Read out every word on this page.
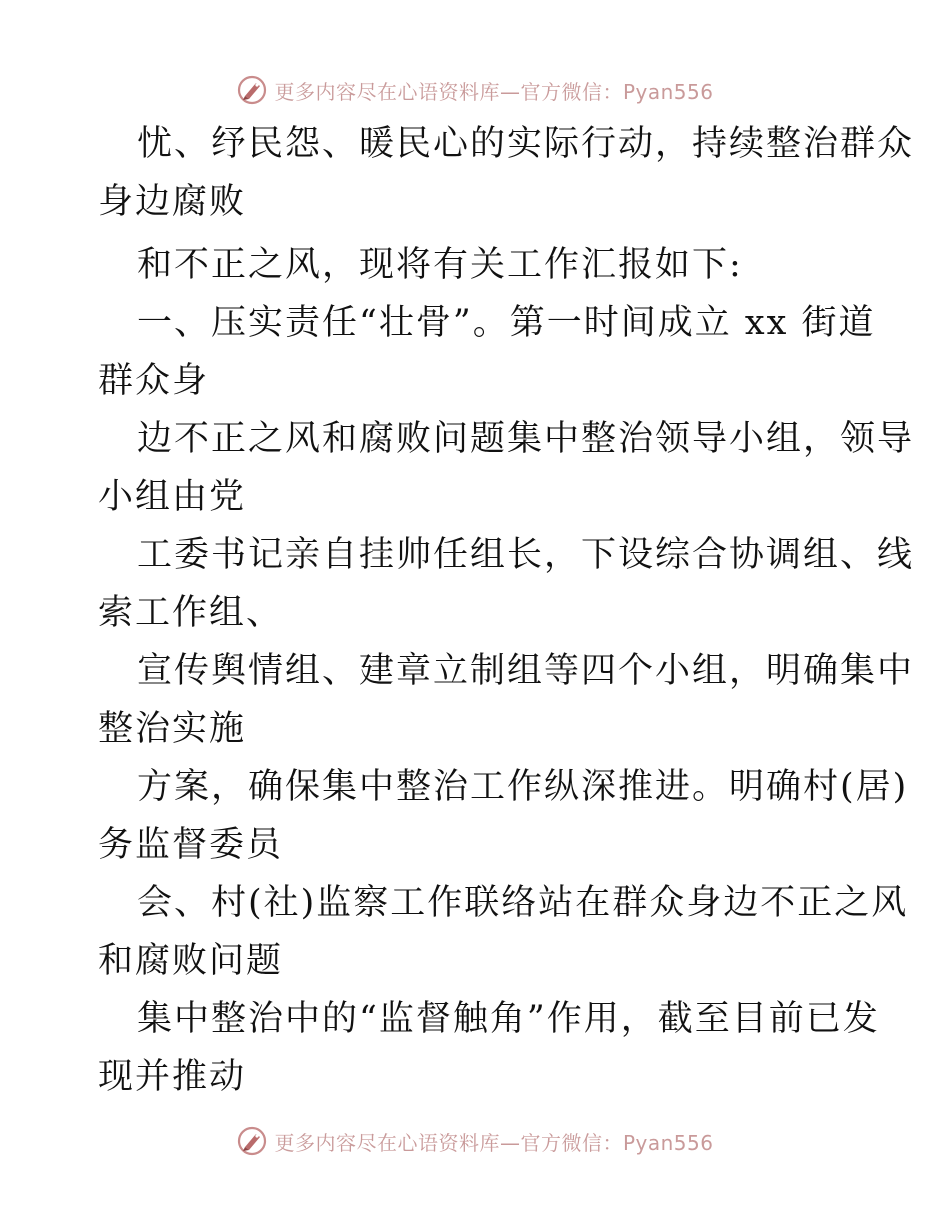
更多内容尽在心语资料库—官方微信：Pyan556
忧、纾民怨、暖民心的实际行动，持续整治群众
身边腐败
和不正之风，现将有关工作汇报如下:
一、压实责任“壮骨”。第一时间成立 xx 街道
群众身
边不正之风和腐败问题集中整治领导小组，领导
小组由党
工委书记亲自挂帅任组长，下设综合协调组、线
索工作组、
宣传舆情组、建章立制组等四个小组，明确集中
整治实施
方案，确保集中整治工作纵深推进。明确村(居)
务监督委员
会、村(社)监察工作联络站在群众身边不正之风
和腐败问题
集中整治中的“监督触角”作用，截至目前已发
现并推动
更多内容尽在心语资料库—官方微信：Pyan556
